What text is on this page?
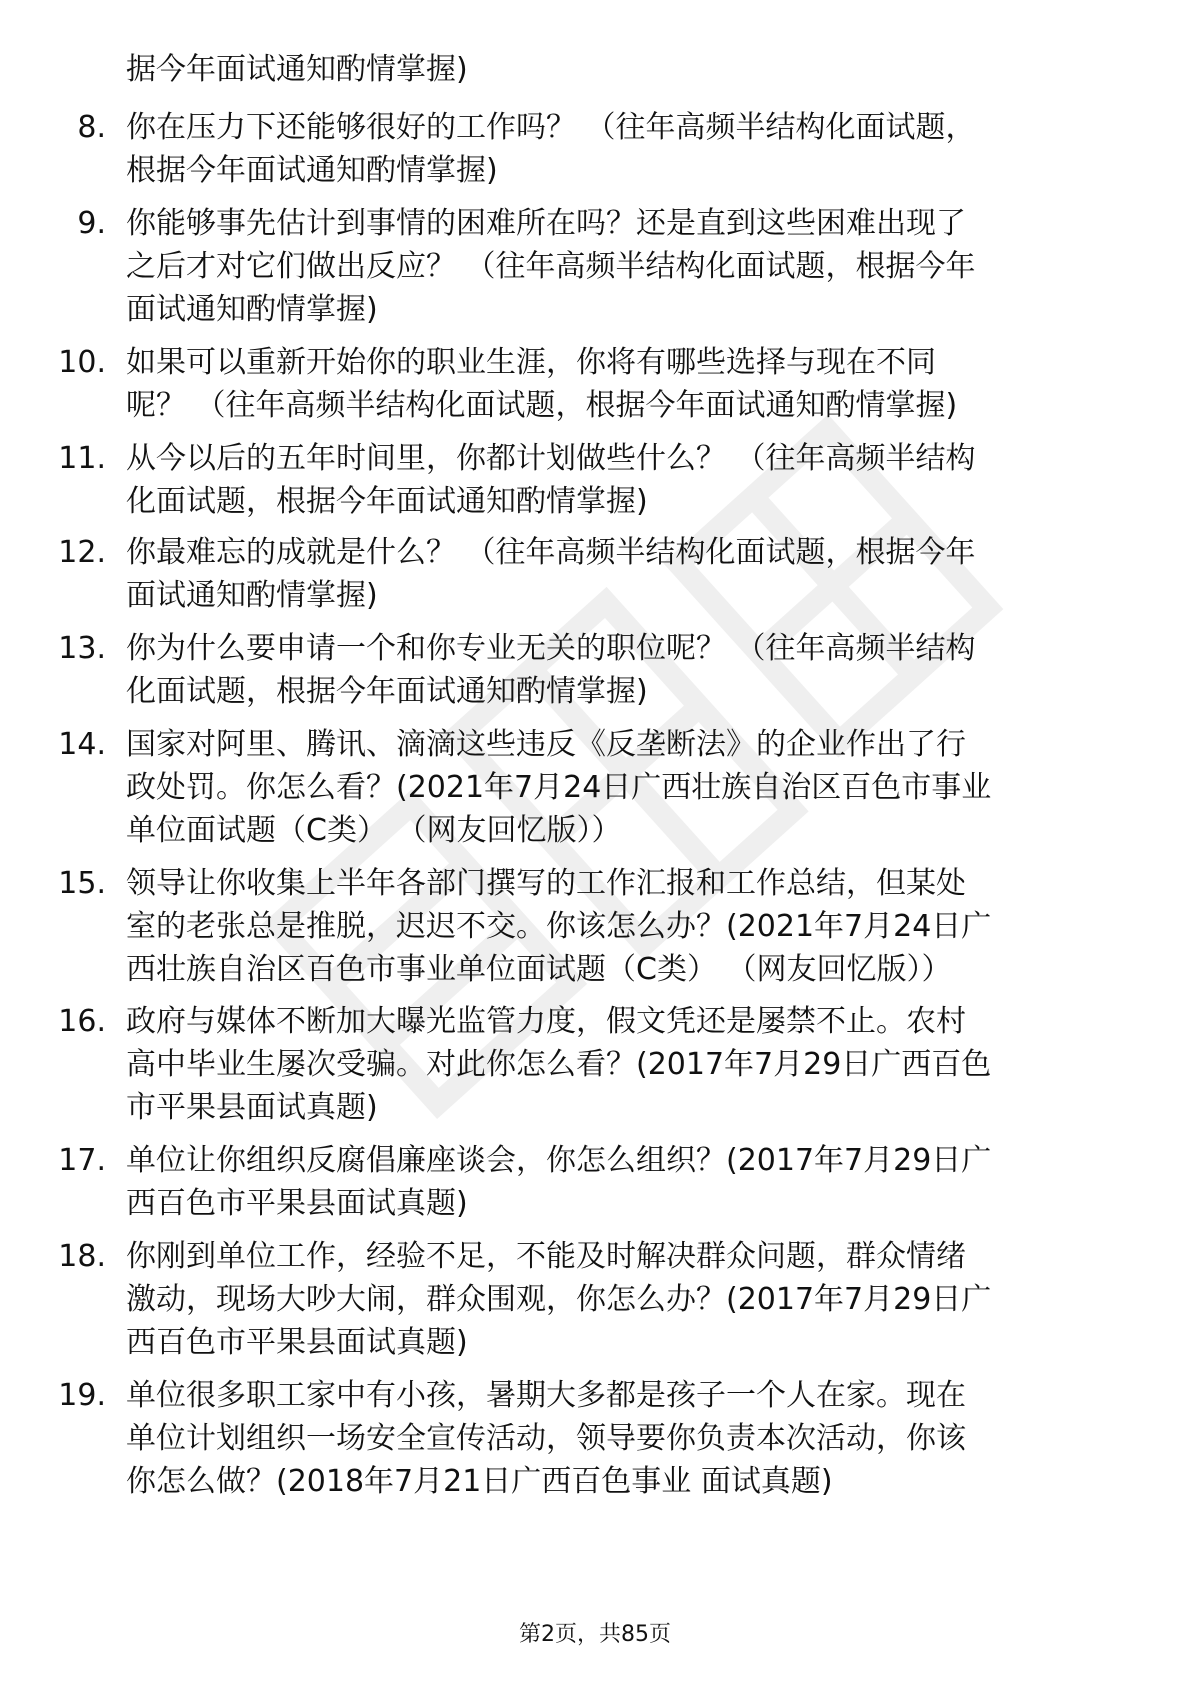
据今年面试通知酌情掌握)
8. 你在压力下还能够很好的工作吗？ （往年高频半结构化面试题，
根据今年面试通知酌情掌握)
9. 你能够事先估计到事情的困难所在吗？还是直到这些困难出现了
之后才对它们做出反应？ （往年高频半结构化面试题，根据今年
面试通知酌情掌握)
10. 如果可以重新开始你的职业生涯，你将有哪些选择与现在不同
呢？ （往年高频半结构化面试题，根据今年面试通知酌情掌握)
11. 从今以后的五年时间里，你都计划做些什么？ （往年高频半结构
化面试题，根据今年面试通知酌情掌握)
12. 你最难忘的成就是什么？ （往年高频半结构化面试题，根据今年
面试通知酌情掌握)
13. 你为什么要申请一个和你专业无关的职位呢？ （往年高频半结构
化面试题，根据今年面试通知酌情掌握)
14. 国家对阿里、腾讯、滴滴这些违反《反垄断法》的企业作出了行
政处罚。你怎么看？(2021年7月24日广西壮族自治区百色市事业
单位面试题（C类） （网友回忆版））
15. 领导让你收集上半年各部门撰写的工作汇报和工作总结，但某处
室的老张总是推脱，迟迟不交。你该怎么办？(2021年7月24日广
西壮族自治区百色市事业单位面试题（C类） （网友回忆版））
16. 政府与媒体不断加大曝光监管力度，假文凭还是屡禁不止。农村
高中毕业生屡次受骗。对此你怎么看？(2017年7月29日广西百色
市平果县面试真题)
17. 单位让你组织反腐倡廉座谈会，你怎么组织？(2017年7月29日广
西百色市平果县面试真题)
18. 你刚到单位工作，经验不足，不能及时解决群众问题，群众情绪
激动，现场大吵大闹，群众围观，你怎么办？(2017年7月29日广
西百色市平果县面试真题)
19. 单位很多职工家中有小孩，暑期大多都是孩子一个人在家。现在
单位计划组织一场安全宣传活动，领导要你负责本次活动，你该
你怎么做？(2018年7月21日广西百色事业 面试真题)
第2页，共85页
